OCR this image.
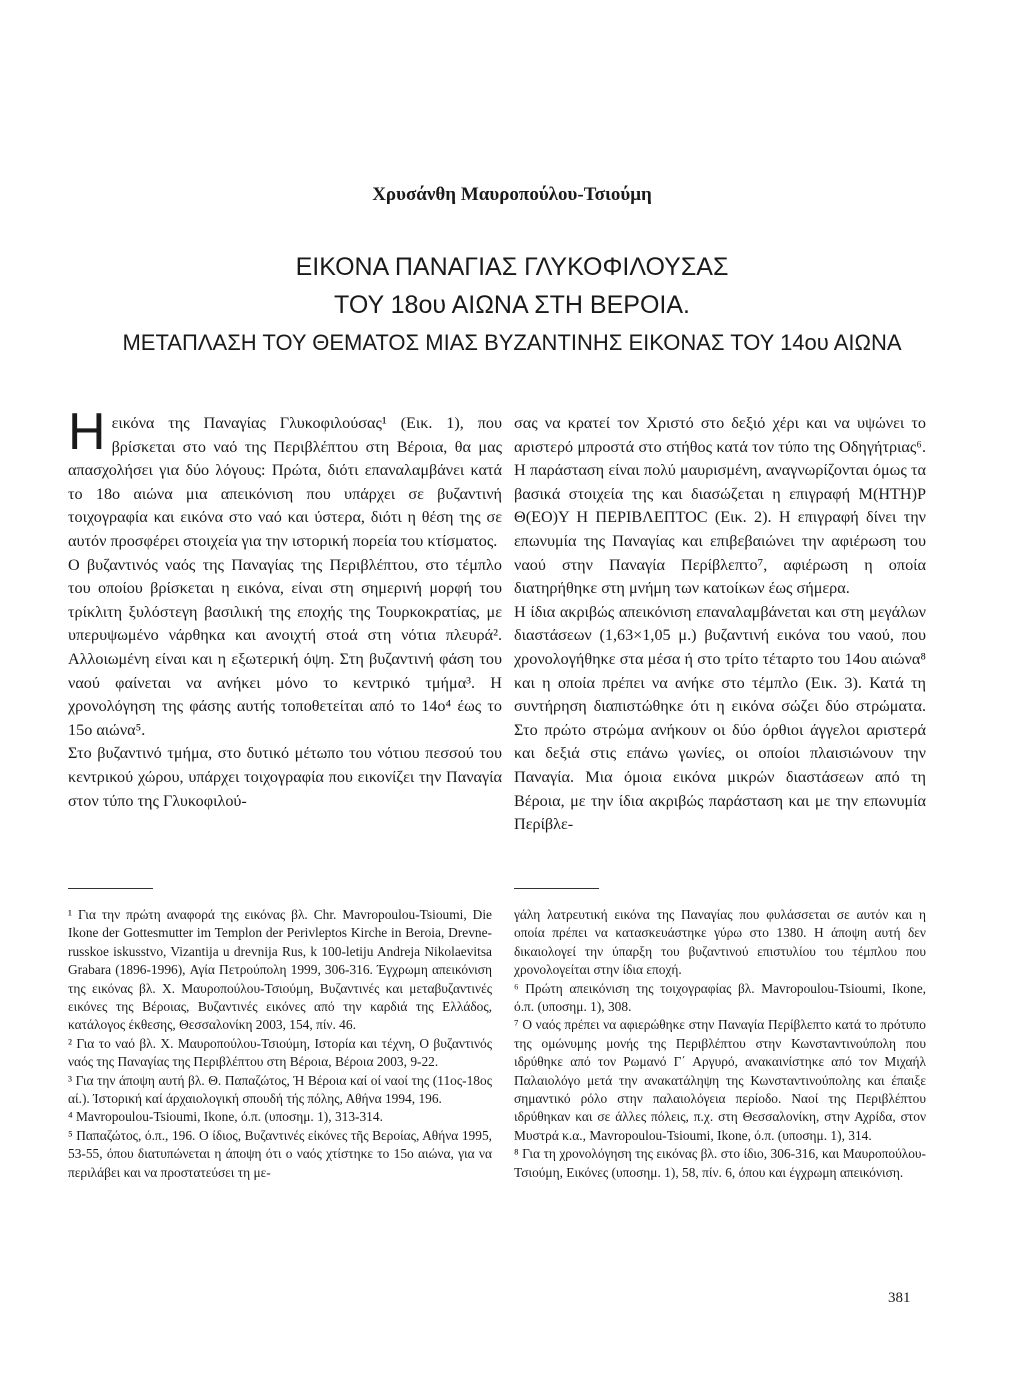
Χρυσάνθη Μαυροπούλου-Τσιούμη
ΕΙΚΟΝΑ ΠΑΝΑΓΙΑΣ ΓΛΥΚΟΦΙΛΟΥΣΑΣ
ΤΟΥ 18ου ΑΙΩΝΑ ΣΤΗ ΒΕΡΟΙΑ.
ΜΕΤΑΠΛΑΣΗ ΤΟΥ ΘΕΜΑΤΟΣ ΜΙΑΣ ΒΥΖΑΝΤΙΝΗΣ ΕΙΚΟΝΑΣ ΤΟΥ 14ου ΑΙΩΝΑ

Ηεικόνα της Παναγίας Γλυκοφιλούσας¹ (Εικ. 1), που βρίσκεται στο ναό της Περιβλέπτου στη Βέροια, θα μας απασχολήσει για δύο λόγους: Πρώτα, διότι επαναλαμβάνει κατά το 18ο αιώνα μια απεικόνιση που υπάρχει σε βυζαντινή τοιχογραφία και εικόνα στο ναό και ύστερα, διότι η θέση της σε αυτόν προσφέρει στοιχεία για την ιστορική πορεία του κτίσματος.

Ο βυζαντινός ναός της Παναγίας της Περιβλέπτου, στο τέμπλο του οποίου βρίσκεται η εικόνα, είναι στη σημερινή μορφή του τρίκλιτη ξυλόστεγη βασιλική της εποχής της Τουρκοκρατίας, με υπερυψωμένο νάρθηκα και ανοιχτή στοά στη νότια πλευρά². Αλλοιωμένη είναι και η εξωτερική όψη. Στη βυζαντινή φάση του ναού φαίνεται να ανήκει μόνο το κεντρικό τμήμα³. Η χρονολόγηση της φάσης αυτής τοποθετείται από το 14ο⁴ έως το 15ο αιώνα⁵.

Στο βυζαντινό τμήμα, στο δυτικό μέτωπο του νότιου πεσσού του κεντρικού χώρου, υπάρχει τοιχογραφία που εικονίζει την Παναγία στον τύπο της Γλυκοφιλού-

σας να κρατεί τον Χριστό στο δεξιό χέρι και να υψώνει το αριστερό μπροστά στο στήθος κατά τον τύπο της Οδηγήτριας⁶. Η παράσταση είναι πολύ μαυρισμένη, αναγνωρίζονται όμως τα βασικά στοιχεία της και διασώζεται η επιγραφή Μ(ΗΤΗ)Ρ Θ(ΕΟ)Υ Η ΠΕΡΙΒΛΕΠΤΟC (Εικ. 2). Η επιγραφή δίνει την επωνυμία της Παναγίας και επιβεβαιώνει την αφιέρωση του ναού στην Παναγία Περίβλεπτο⁷, αφιέρωση η οποία διατηρήθηκε στη μνήμη των κατοίκων έως σήμερα.

Η ίδια ακριβώς απεικόνιση επαναλαμβάνεται και στη μεγάλων διαστάσεων (1,63×1,05 μ.) βυζαντινή εικόνα του ναού, που χρονολογήθηκε στα μέσα ή στο τρίτο τέταρτο του 14ου αιώνα⁸ και η οποία πρέπει να ανήκε στο τέμπλο (Εικ. 3). Κατά τη συντήρηση διαπιστώθηκε ότι η εικόνα σώζει δύο στρώματα. Στο πρώτο στρώμα ανήκουν οι δύο όρθιοι άγγελοι αριστερά και δεξιά στις επάνω γωνίες, οι οποίοι πλαισιώνουν την Παναγία. Μια όμοια εικόνα μικρών διαστάσεων από τη Βέροια, με την ίδια ακριβώς παράσταση και με την επωνυμία Περίβλε-

¹ Για την πρώτη αναφορά της εικόνας βλ. Chr. Mavropoulou-Tsioumi, Die Ikone der Gottesmutter im Templon der Perivleptos Kirche in Beroia, Drevne-russkoe iskusstvo, Vizantija u drevnija Rus, k 100-letiju Andreja Nikolaevitsa Grabara (1896-1996), Αγία Πετρούπολη 1999, 306-316. Έγχρωμη απεικόνιση της εικόνας βλ. Χ. Μαυροπούλου-Τσιούμη, Βυζαντινές και μεταβυζαντινές εικόνες της Βέροιας, Βυζαντινές εικόνες από την καρδιά της Ελλάδος, κατάλογος έκθεσης, Θεσσαλονίκη 2003, 154, πίν. 46.

² Για το ναό βλ. Χ. Μαυροπούλου-Τσιούμη, Ιστορία και τέχνη, Ο βυζαντινός ναός της Παναγίας της Περιβλέπτου στη Βέροια, Βέροια 2003, 9-22.

³ Για την άποψη αυτή βλ. Θ. Παπαζώτος, Ή Βέροια καί οί ναοί της (11ος-18ος αί.). Ίστορική καί άρχαιολογική σπουδή τής πόλης, Αθήνα 1994, 196.

⁴ Mavropoulou-Tsioumi, Ikone, ό.π. (υποσημ. 1), 313-314.

⁵ Παπαζώτος, ό.π., 196. Ο ίδιος, Βυζαντινές εἰκόνες τῆς Βεροίας, Αθήνα 1995, 53-55, όπου διατυπώνεται η άποψη ότι ο ναός χτίστηκε το 15ο αιώνα, για να περιλάβει και να προστατεύσει τη με-

γάλη λατρευτική εικόνα της Παναγίας που φυλάσσεται σε αυτόν και η οποία πρέπει να κατασκευάστηκε γύρω στο 1380. Η άποψη αυτή δεν δικαιολογεί την ύπαρξη του βυζαντινού επιστυλίου του τέμπλου που χρονολογείται στην ίδια εποχή.

⁶ Πρώτη απεικόνιση της τοιχογραφίας βλ. Mavropoulou-Tsioumi, Ikone, ό.π. (υποσημ. 1), 308.

⁷ Ο ναός πρέπει να αφιερώθηκε στην Παναγία Περίβλεπτο κατά το πρότυπο της ομώνυμης μονής της Περιβλέπτου στην Κωνσταντινούπολη που ιδρύθηκε από τον Ρωμανό Γ΄ Αργυρό, ανακαινίστηκε από τον Μιχαήλ Παλαιολόγο μετά την ανακατάληψη της Κωνσταντινούπολης και έπαιξε σημαντικό ρόλο στην παλαιολόγεια περίοδο. Ναοί της Περιβλέπτου ιδρύθηκαν και σε άλλες πόλεις, π.χ. στη Θεσσαλονίκη, στην Αχρίδα, στον Μυστρά κ.α., Mavropoulou-Tsioumi, Ikone, ό.π. (υποσημ. 1), 314.

⁸ Για τη χρονολόγηση της εικόνας βλ. στο ίδιο, 306-316, και Μαυροπούλου-Τσιούμη, Εικόνες (υποσημ. 1), 58, πίν. 6, όπου και έγχρωμη απεικόνιση.

381
